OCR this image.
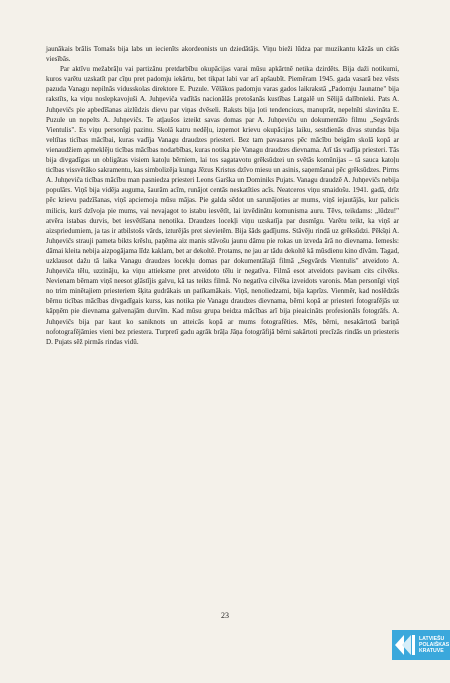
jaunākais brālis Tomašs bija labs un iecienīts akordeonists un dziedātājs. Viņu bieži lūdza par muzikantu kāzās un citās viesībās.

Par aktīvu mežabrāļu vai partizānu pretdarbību okupācijas varai mūsu apkārtnē netika dzirdēts. Bija daži notikumi, kuros varētu uzskatīt par cīņu pret padomju iekārtu, bet tikpat labi var arī apšaubīt. Piemēram 1945. gada vasarā bez vēsts pazuda Vanagu nepilnās vidusskolas direktore E. Puzule. Vēlākos padomju varas gados laikrakstā „Padomju Jaunatne" bija rakstīts, ka viņu noslepkavojuši A. Juhņeviča vadītās nacionālās pretošanās kustības Latgalē un Sēlijā dalībnieki. Pats A. Juhņevičs pie apbedīšanas aizlūdzis dievu par viņas dvēseli. Raksts bija ļoti tendenciozs, manuprāt, nepelnīti slavināta E. Puzule un nopelts A. Juhņevičs. Te atļaušos izteikt savas domas par A. Juhņeviču un dokumentālo filmu „Segvārds Vientulis". Es viņu personīgi pazinu. Skolā katru nedēļu, izņemot krievu okupācijas laiku, sestdienās divas stundas bija veltītas ticības mācībai, kuras vadīja Vanagu draudzes priesteri. Bez tam pavasaros pēc mācību beigām skolā kopā ar vienaudžiem apmeklēju ticības mācības nodarbības, kuras notika pie Vanagu draudzes dievnama. Arī tās vadīja priesteri. Tās bija divgadīgas un obligātas visiem katoļu bērniem, lai tos sagatavotu grēksūdzei un svētās komūnijas – tā sauca katoļu ticības vissvētāko sakramentu, kas simbolizēja kunga Jēzus Kristus dzīvo miesu un asinis, saņemšanai pēc grēksūdzes. Pirms A. Juhņeviča ticības mācību man pasniedza priesteri Leons Garška un Dominiks Pujats. Vanagu draudzē A. Juhņevičs nebija populārs. Viņš bija vidēja auguma, šaurām acīm, runājot centās neskatīties acīs. Neatceros viņu smaidošu. 1941. gadā, drīz pēc krievu padzīšanas, viņš apciemoja mūsu mājas. Pie galda sēdot un sarunājoties ar mums, viņš iejautājās, kur palicis milicis, kurš dzīvoja pie mums, vai nevajagot to istabu iesvētīt, lai izvēdinātu komunisma auru. Tēvs, teikdams: „lūdzu!" atvēra istabas durvis, bet iesvētīšana nenotika. Draudzes locekļi viņu uzskatīja par dusmīgu. Varētu teikt, ka viņš ar aizspriedumiem, ja tas ir atbilstošs vārds, izturējās pret sievietēm. Bija šāds gadījums. Stāvēju rindā uz grēksūdzi. Pēkšņi A. Juhņevičs strauji pameta bikts krēslu, paņēma aiz manis stāvošu jaunu dāmu pie rokas un izveda ārā no dievnama. Iemesls: dāmai kleita nebija aizpogājama līdz kaklam, bet ar dekoltē. Protams, ne jau ar tādu dekoltē kā mūsdienu kino dīvām. Tagad, uzklausot dažu tā laika Vanagu draudzes locekļu domas par dokumentālajā filmā „Segvārds Vientulis" atveidoto A. Juhņeviča tēlu, uzzināju, ka viņu attieksme pret atveidoto tēlu ir negatīva. Filmā esot atveidots pavisam cits cilvēks. Nevienam bērnam viņš neesot glāstījis galvu, kā tas teikts filmā. No negatīva cilvēka izveidots varonis. Man personīgi viņš no trim minētajiem priesteriem šķita gudrākais un patīkamākais. Viņš, nenoliedzami, bija kaprīzs. Vienmēr, kad noslēdzās bērnu ticības mācības divgadīgais kurss, kas notika pie Vanagu draudzes dievnama, bērni kopā ar priesteri fotografējās uz kāpņēm pie dievnama galvenajām durvīm. Kad mūsu grupa beidza mācības arī bija pieaicināts profesionāls fotogrāfs. A. Juhņevičs bija par kaut ko saniknots un atteicās kopā ar mums fotografēties. Mēs, bērni, nesakārtotā bariņā nofotografējāmies vieni bez priestera. Turpretī gadu agrāk brāļa Jāņa fotogrāfijā bērni sakārtoti precīzās rindās un priesteris D. Pujats sēž pirmās rindas vidū.

23
LATVIEŠU
POLAIŠKAS
KRATUVE
